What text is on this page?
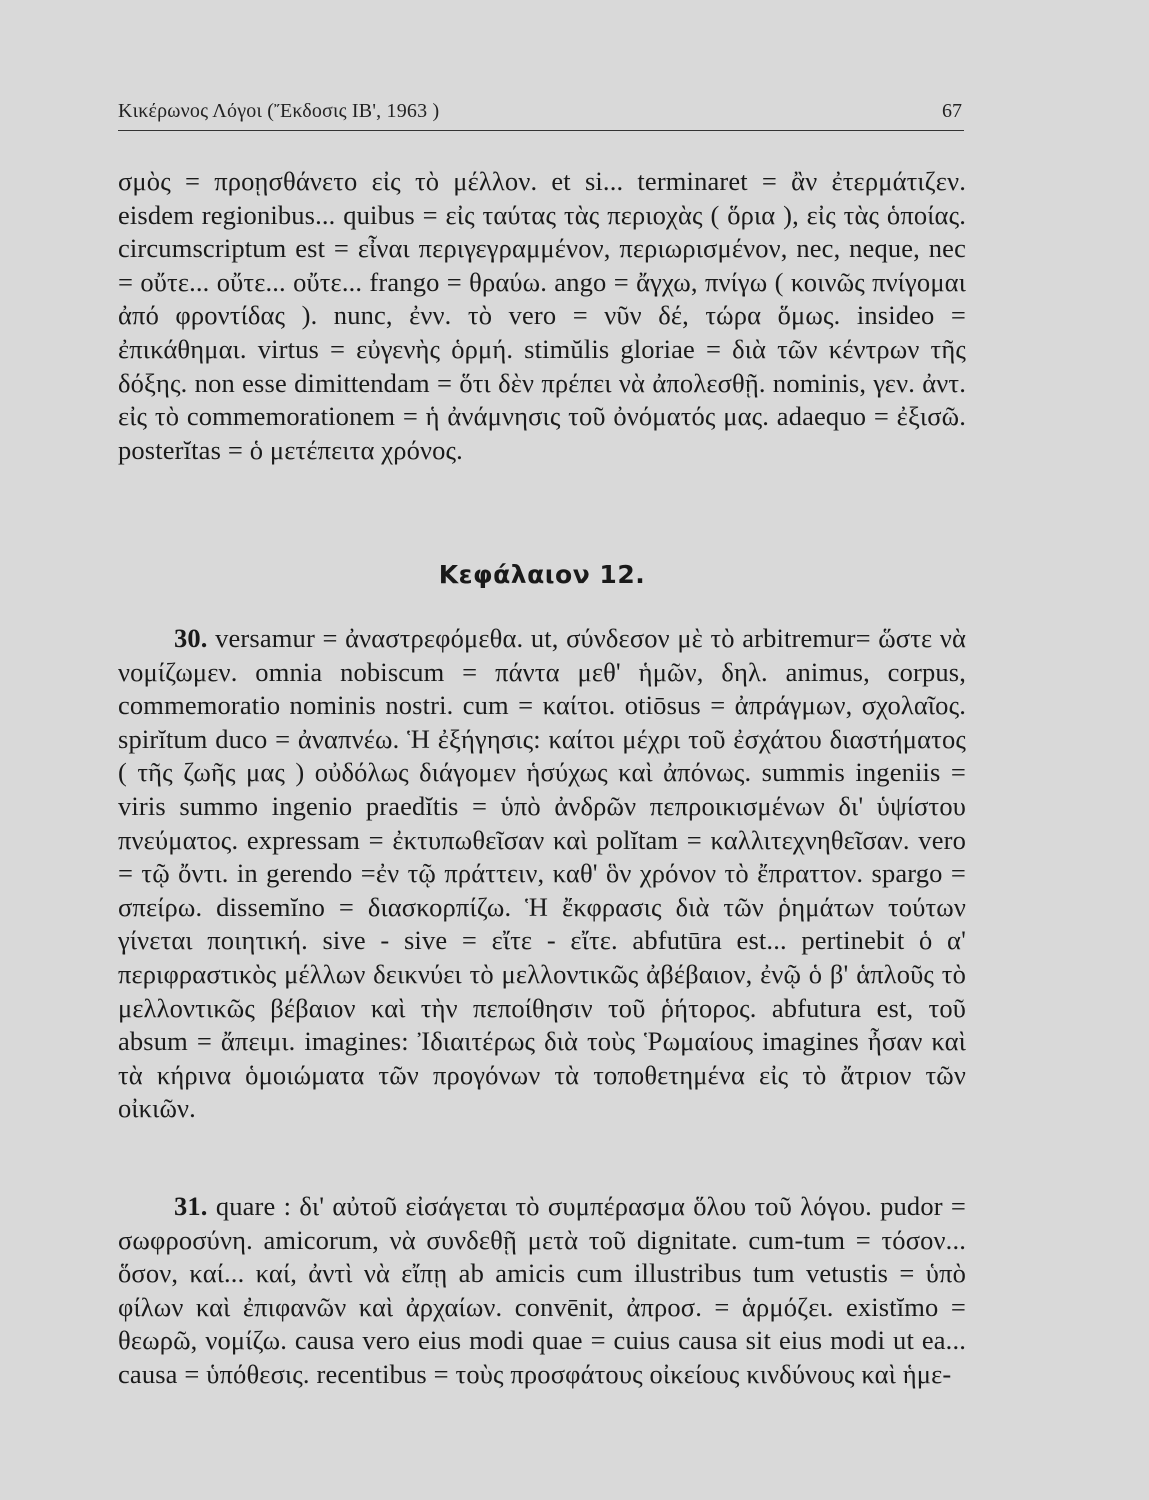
Κικέρωνος Λόγοι (Ἔκδοσις ΙΒ', 1963 )	67
σμὸς = προῃσθάνετο εἰς τὸ μέλλον. et si... terminaret = ἂν ἐτερμάτιζεν. eisdem regionibus... quibus = εἰς ταύτας τὰς περιοχὰς ( ὅρια ), εἰς τὰς ὁποίας. circumscriptum est = εἶναι περιγεγραμμένον, περιωρισμένον, nec, neque, nec = οὔτε... οὔτε... οὔτε... frango = θραύω. ango = ἄγχω, πνίγω ( κοινῶς πνίγομαι ἀπό φροντίδας ). nunc, ἐνν. τὸ vero = νῦν δέ, τώρα ὅμως. insideo = ἐπικάθημαι. virtus = εὐγενὴς ὁρμή. stimŭlis gloriae = διὰ τῶν κέντρων τῆς δόξης. non esse dimittendam = ὅτι δὲν πρέπει νὰ ἀπολεσθῇ. nominis, γεν. ἀντ. εἰς τὸ commemorationem = ἡ ἀνάμνησις τοῦ ὀνόματός μας. adaequo = ἐξισῶ. posterĭtas = ὁ μετέπειτα χρόνος.
Κεφάλαιον 12.
30. versamur = ἀναστρεφόμεθα. ut, σύνδεσον μὲ τὸ arbitremur= ὥστε νὰ νομίζωμεν. omnia nobiscum = πάντα μεθ' ἡμῶν, δηλ. animus, corpus, commemoratio nominis nostri. cum = καίτοι. otiōsus = ἀπράγμων, σχολαῖος. spirĭtum duco = ἀναπνέω. Ἡ ἐξήγησις: καίτοι μέχρι τοῦ ἐσχάτου διαστήματος ( τῆς ζωῆς μας ) οὐδόλως διάγομεν ἡσύχως καὶ ἀπόνως. summis ingeniis = viris summo ingenio praedĭtis = ὑπὸ ἀνδρῶν πεπροικισμένων δι' ὑψίστου πνεύματος. expressam = ἐκτυπωθεῖσαν καὶ polĭtam = καλλιτεχνηθεῖσαν. vero = τῷ ὄντι. in gerendo =ἐν τῷ πράττειν, καθ' ὃν χρόνον τὸ ἔπραττον. spargo = σπείρω. dissemĭno = διασκορπίζω. Ἡ ἔκφρασις διὰ τῶν ῥημάτων τούτων γίνεται ποιητική. sive - sive = εἴτε - εἴτε. abfutūra est... pertinebit ὁ α' περιφραστικὸς μέλλων δεικνύει τὸ μελλοντικῶς ἀβέβαιον, ἐνῷ ὁ β' ἁπλοῦς τὸ μελλοντικῶς βέβαιον καὶ τὴν πεποίθησιν τοῦ ῥήτορος. abfutura est, τοῦ absum = ἄπειμι. imagines: Ἰδιαιτέρως διὰ τοὺς Ῥωμαίους imagines ἦσαν καὶ τὰ κήρινα ὁμοιώματα τῶν προγόνων τὰ τοποθετημένα εἰς τὸ ἄτριον τῶν οἰκιῶν.
31. quare : δι' αὐτοῦ εἰσάγεται τὸ συμπέρασμα ὅλου τοῦ λόγου. pudor = σωφροσύνη. amicorum, νὰ συνδεθῇ μετὰ τοῦ dignitate. cum-tum = τόσον... ὅσον, καί... καί, ἀντὶ νὰ εἴπῃ ab amicis cum illustribus tum vetustis = ὑπὸ φίλων καὶ ἐπιφανῶν καὶ ἀρχαίων. convēnit, ἀπροσ. = ἁρμόζει. existĭmo = θεωρῶ, νομίζω. causa vero eius modi quae = cuius causa sit eius modi ut ea... causa = ὑπόθεσις. recentibus = τοὺς προσφάτους οἰκείους κινδύνους καὶ ἡμε-
